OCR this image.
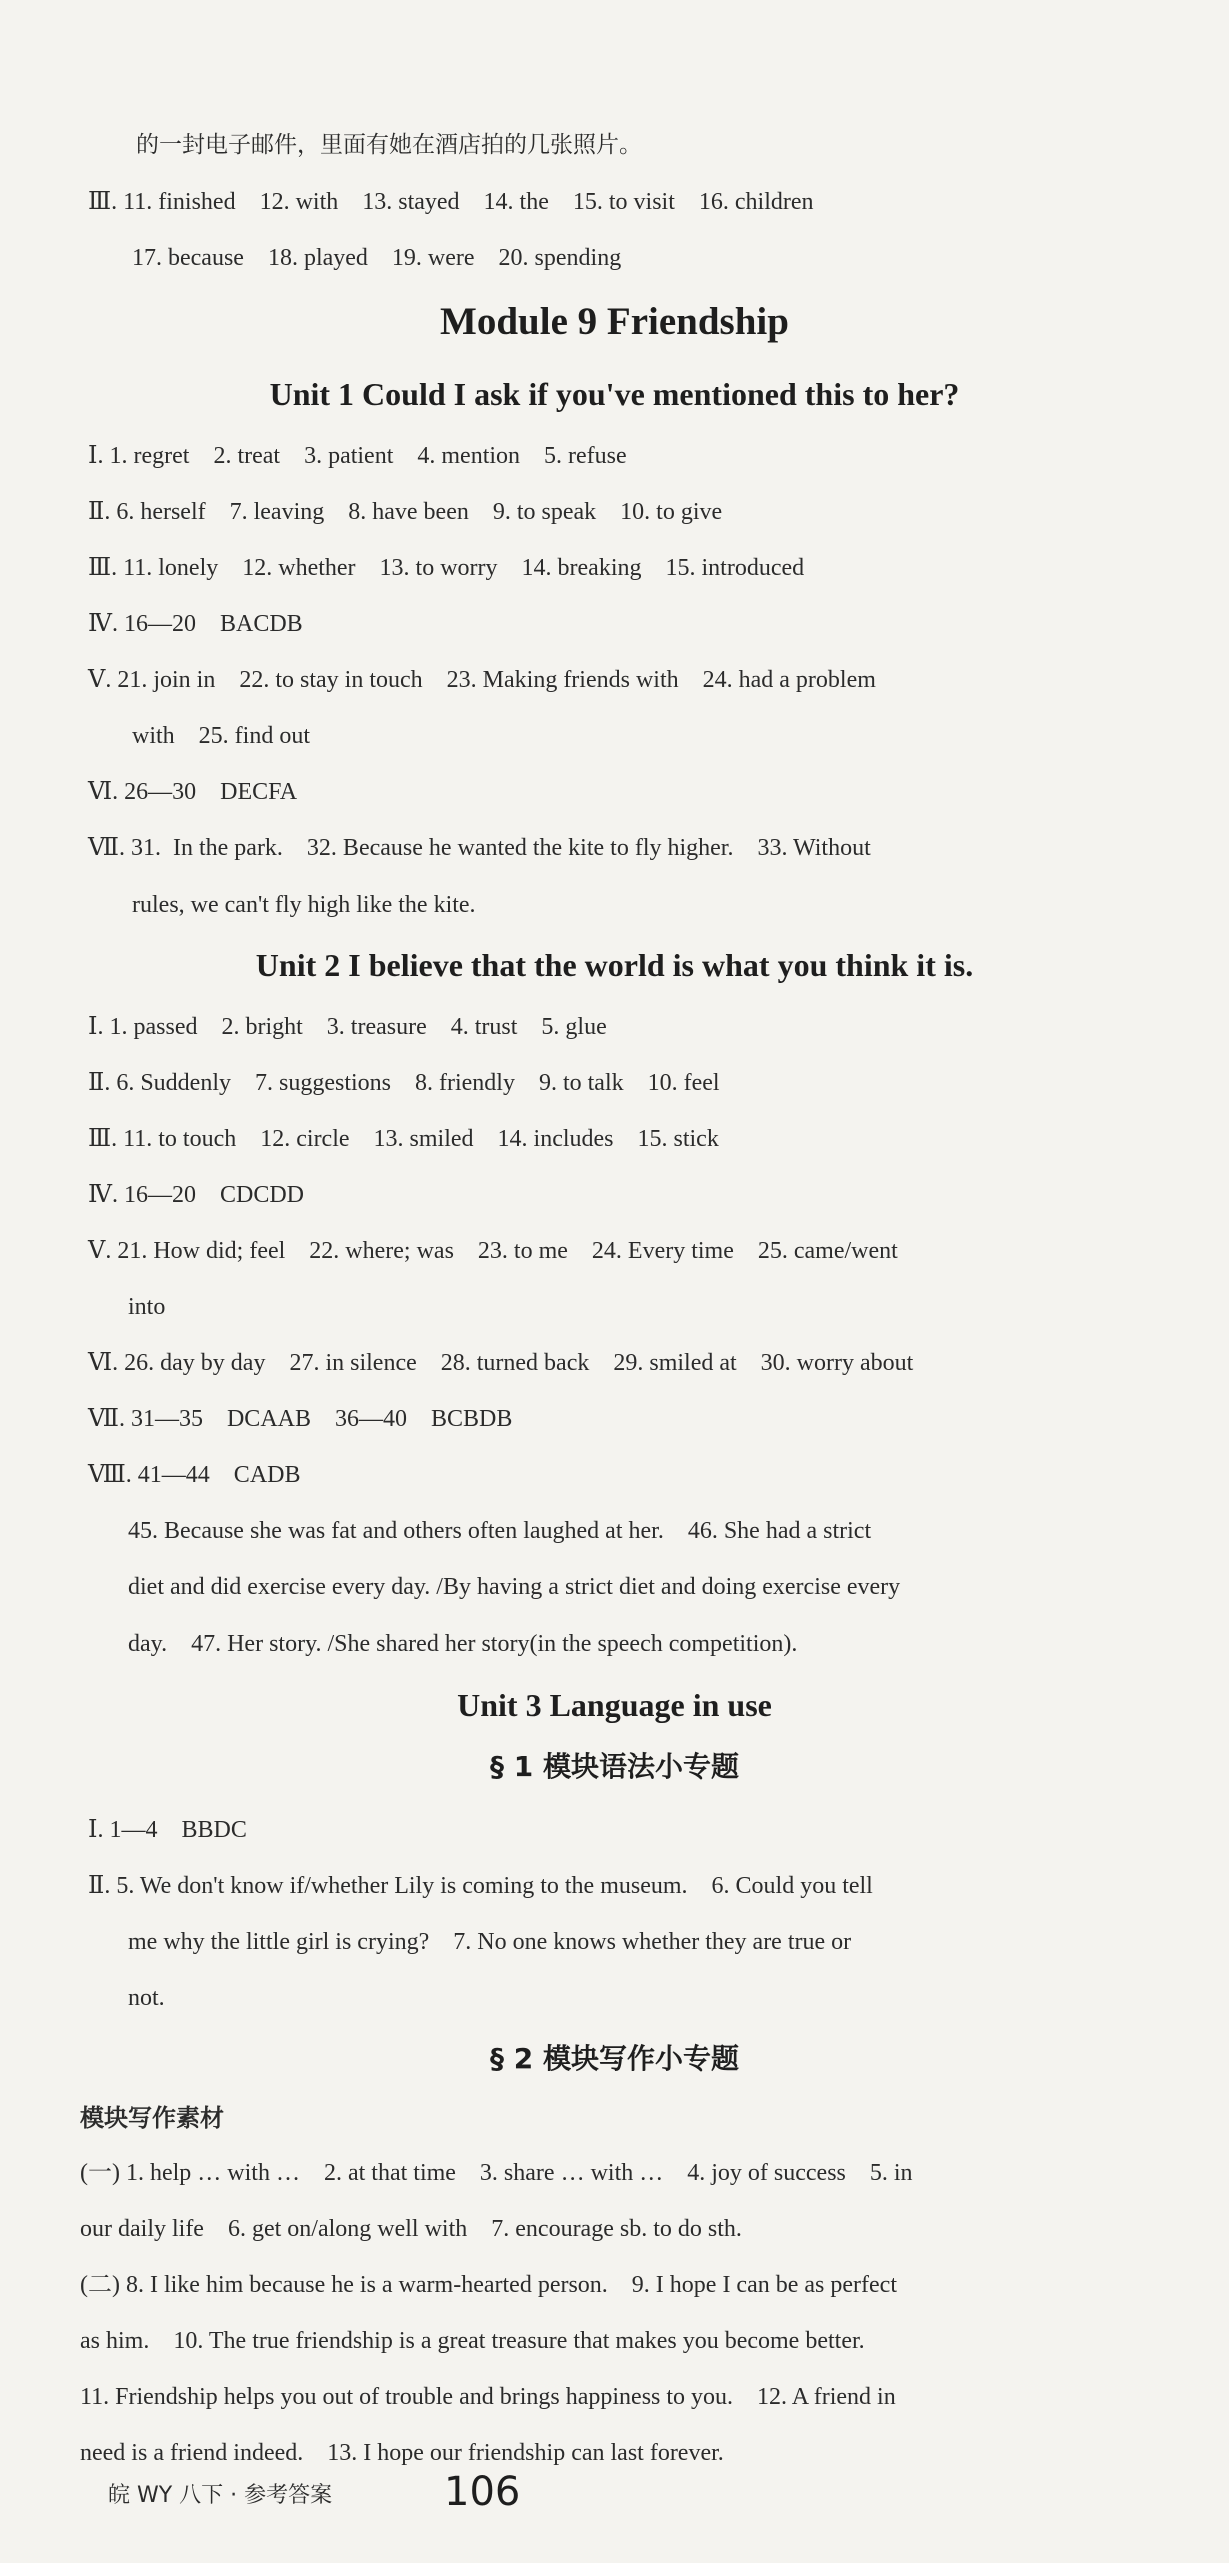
的一封电子邮件，里面有她在酒店拍的几张照片。
Ⅲ. 11. finished    12. with    13. stayed    14. the    15. to visit    16. children
17. because    18. played    19. were    20. spending
Module 9 Friendship
Unit 1 Could I ask if you've mentioned this to her?
Ⅰ. 1. regret    2. treat    3. patient    4. mention    5. refuse
Ⅱ. 6. herself    7. leaving    8. have been    9. to speak    10. to give
Ⅲ. 11. lonely    12. whether    13. to worry    14. breaking    15. introduced
Ⅳ. 16—20    BACDB
Ⅴ. 21. join in    22. to stay in touch    23. Making friends with    24. had a problem
with    25. find out
Ⅵ. 26—30    DECFA
Ⅶ. 31.  In the park.    32. Because he wanted the kite to fly higher.    33. Without
rules, we can't fly high like the kite.
Unit 2 I believe that the world is what you think it is.
Ⅰ. 1. passed    2. bright    3. treasure    4. trust    5. glue
Ⅱ. 6. Suddenly    7. suggestions    8. friendly    9. to talk    10. feel
Ⅲ. 11. to touch    12. circle    13. smiled    14. includes    15. stick
Ⅳ. 16—20    CDCDD
Ⅴ. 21. How did; feel    22. where; was    23. to me    24. Every time    25. came/went
into
Ⅵ. 26. day by day    27. in silence    28. turned back    29. smiled at    30. worry about
Ⅶ. 31—35    DCAAB    36—40    BCBDB
Ⅷ. 41—44    CADB
45. Because she was fat and others often laughed at her.    46. She had a strict
diet and did exercise every day. /By having a strict diet and doing exercise every
day.    47. Her story. /She shared her story(in the speech competition).
Unit 3 Language in use
§ 1 模块语法小专题
Ⅰ. 1—4    BBDC
Ⅱ. 5. We don't know if/whether Lily is coming to the museum.    6. Could you tell
me why the little girl is crying?    7. No one knows whether they are true or
not.
§ 2 模块写作小专题
模块写作素材
(一) 1. help … with …    2. at that time    3. share … with …    4. joy of success    5. in
our daily life    6. get on/along well with    7. encourage sb. to do sth.
(二) 8. I like him because he is a warm-hearted person.    9. I hope I can be as perfect
as him.    10. The true friendship is a great treasure that makes you become better.
11. Friendship helps you out of trouble and brings happiness to you.    12. A friend in
need is a friend indeed.    13. I hope our friendship can last forever.
皖 WY 八下 · 参考答案	106
